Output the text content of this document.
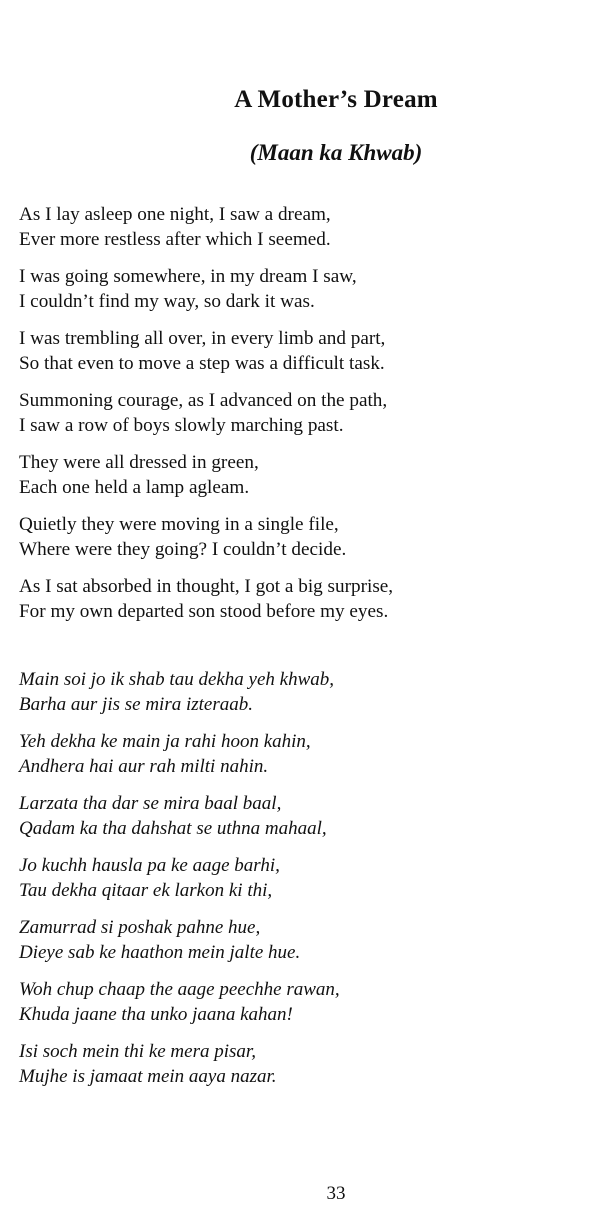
A Mother’s Dream
(Maan ka Khwab)
As I lay asleep one night, I saw a dream,
Ever more restless after which I seemed.
I was going somewhere, in my dream I saw,
I couldn’t find my way, so dark it was.
I was trembling all over, in every limb and part,
So that even to move a step was a difficult task.
Summoning courage, as I advanced on the path,
I saw a row of boys slowly marching past.
They were all dressed in green,
Each one held a lamp agleam.
Quietly they were moving in a single file,
Where were they going? I couldn’t decide.
As I sat absorbed in thought, I got a big surprise,
For my own departed son stood before my eyes.
Main soi jo ik shab tau dekha yeh khwab,
Barha aur jis se mira izteraab.
Yeh dekha ke main ja rahi hoon kahin,
Andhera hai aur rah milti nahin.
Larzata tha dar se mira baal baal,
Qadam ka tha dahshat se uthna mahaal,
Jo kuchh hausla pa ke aage barhi,
Tau dekha qitaar ek larkon ki thi,
Zamurrad si poshak pahne hue,
Dieye sab ke haathon mein jalte hue.
Woh chup chaap the aage peechhe rawan,
Khuda jaane tha unko jaana kahan!
Isi soch mein thi ke mera pisar,
Mujhe is jamaat mein aaya nazar.
33
